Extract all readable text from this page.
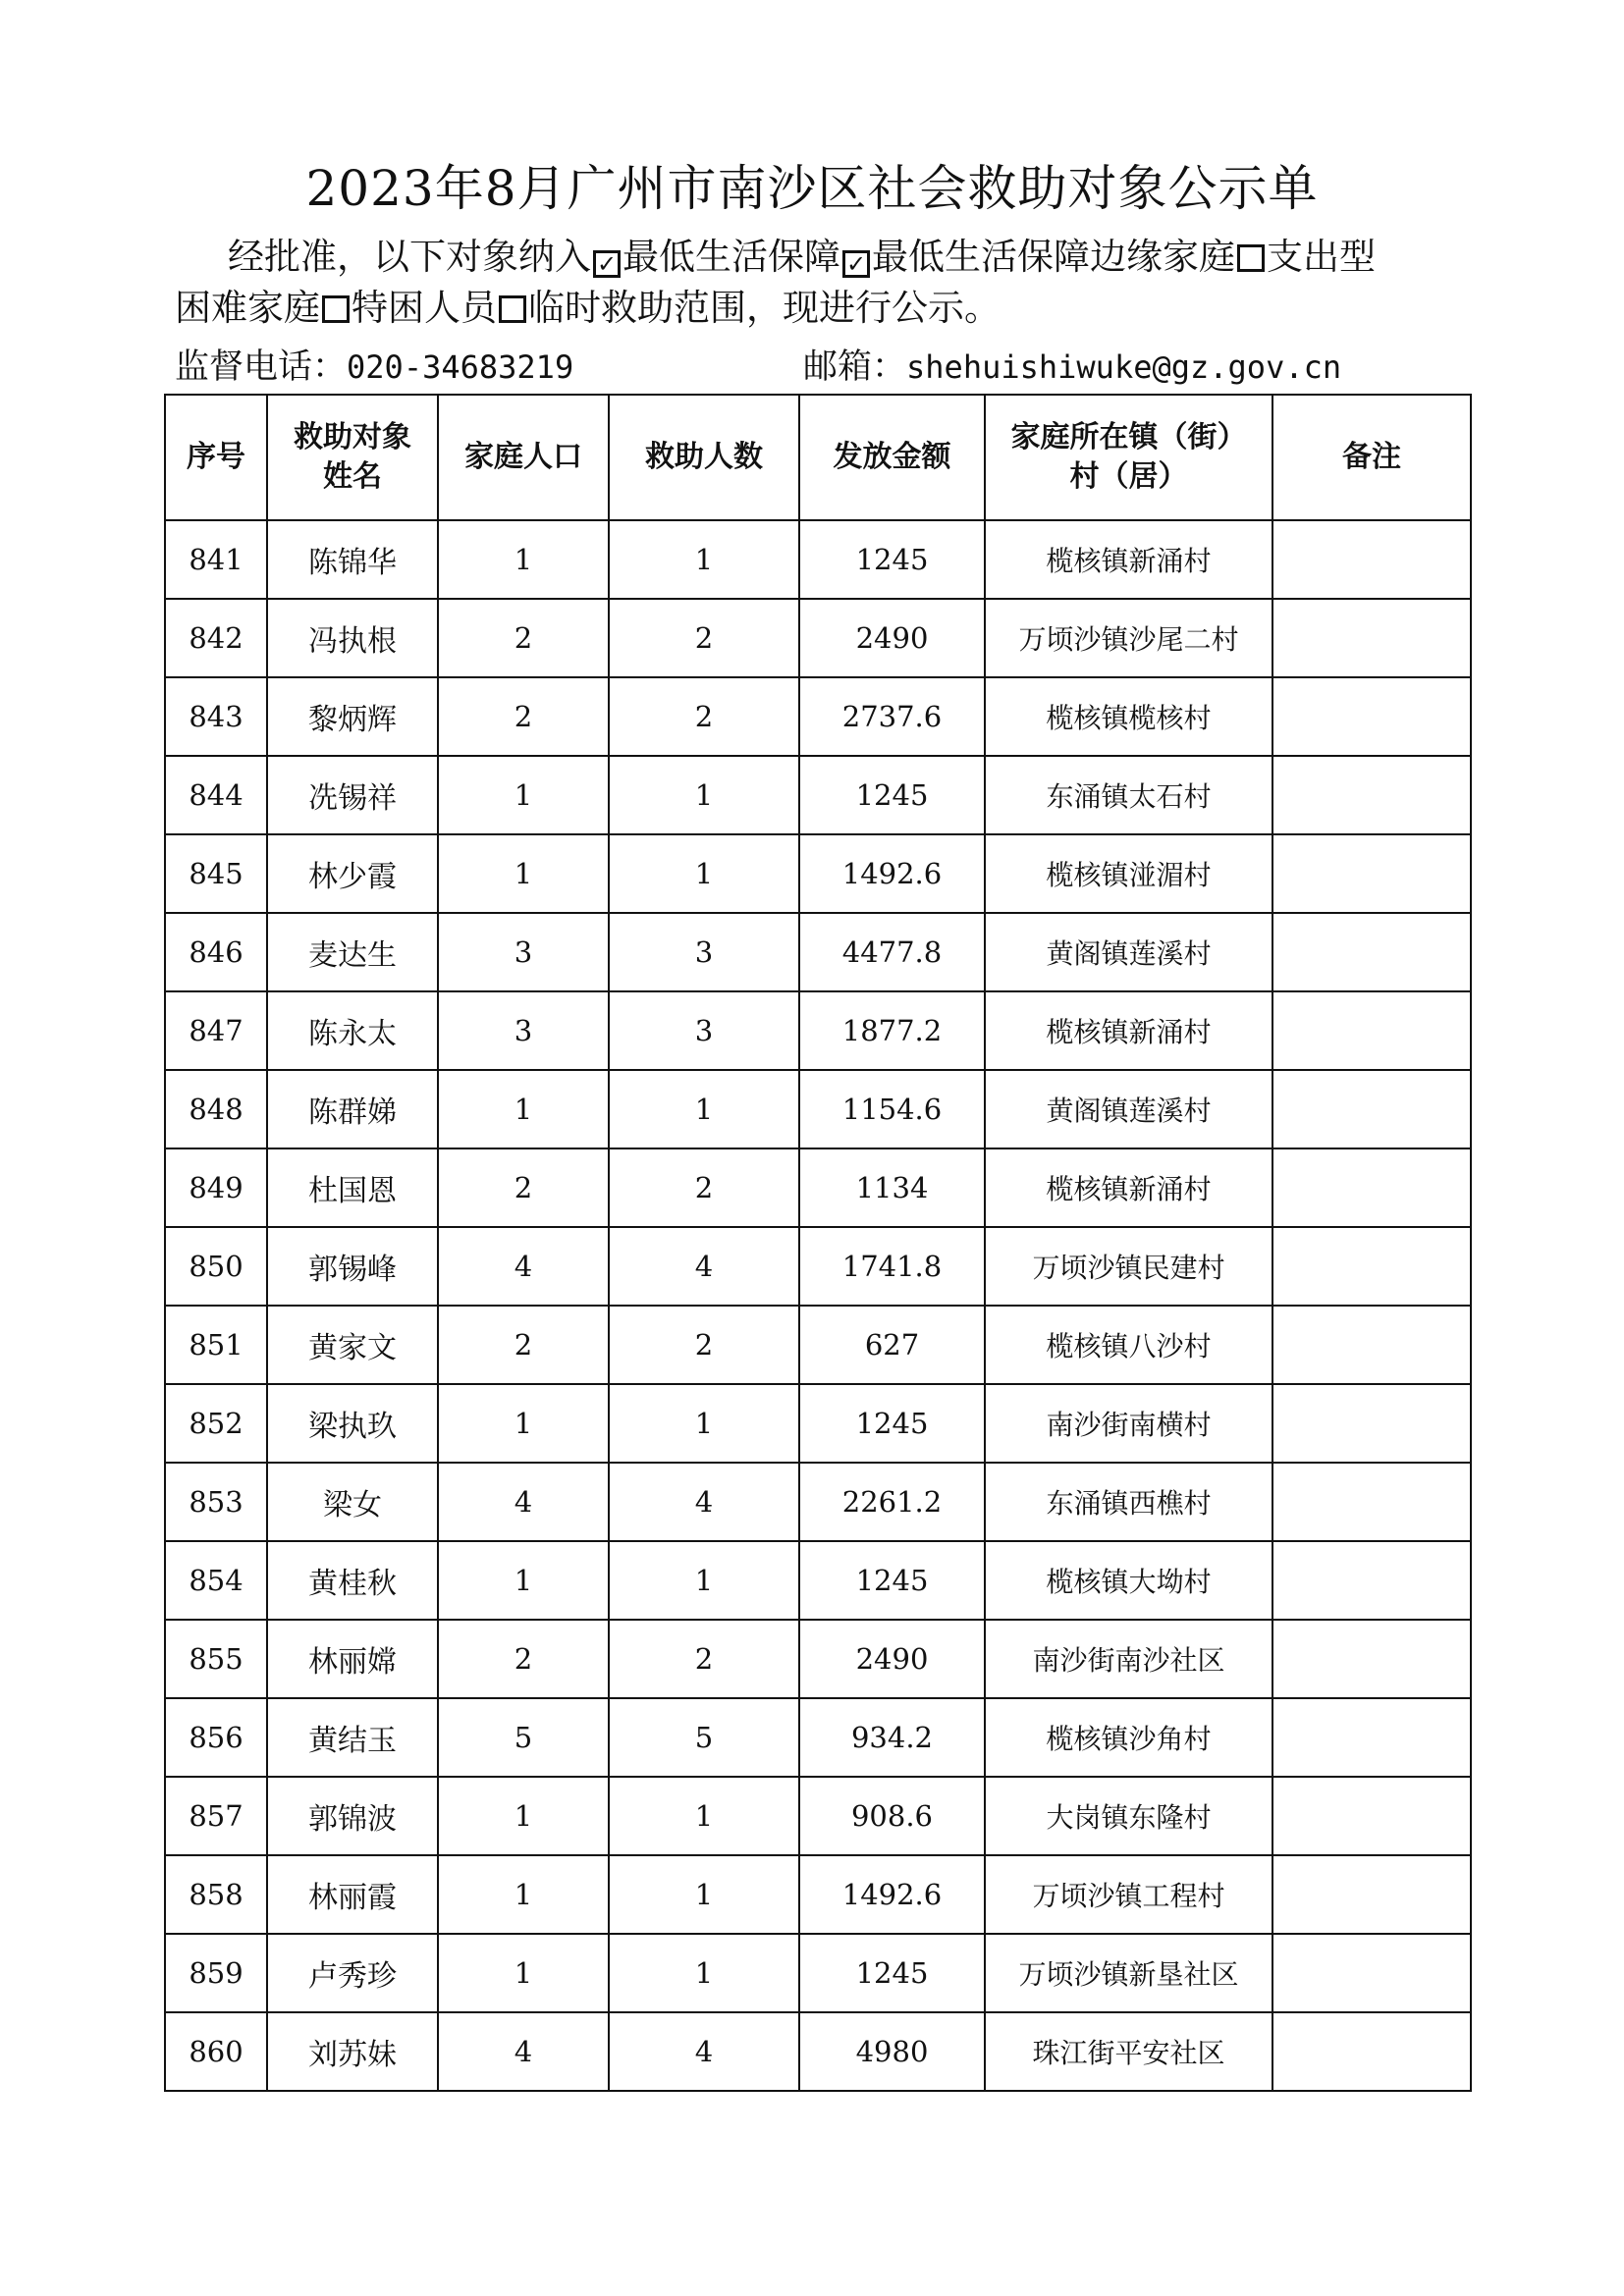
2023年8月广州市南沙区社会救助对象公示单
经批准，以下对象纳入 ✓ 最低生活保障 ✓ 最低生活保障边缘家庭 支出型
困难家庭 特困人员 临时救助范围，现进行公示。
监督电话：020-34683219	邮箱：shehuishiwuke@gz.gov.cn
序号	救助对象姓名	家庭人口	救助人数	发放金额	家庭所在镇（街）村（居）	备注
841	陈锦华	1	1	1245	榄核镇新涌村	
842	冯执根	2	2	2490	万顷沙镇沙尾二村	
843	黎炳辉	2	2	2737.6	榄核镇榄核村	
844	冼锡祥	1	1	1245	东涌镇太石村	
845	林少霞	1	1	1492.6	榄核镇湴湄村	
846	麦达生	3	3	4477.8	黄阁镇莲溪村	
847	陈永太	3	3	1877.2	榄核镇新涌村	
848	陈群娣	1	1	1154.6	黄阁镇莲溪村	
849	杜国恩	2	2	1134	榄核镇新涌村	
850	郭锡峰	4	4	1741.8	万顷沙镇民建村	
851	黄家文	2	2	627	榄核镇八沙村	
852	梁执玖	1	1	1245	南沙街南横村	
853	梁女	4	4	2261.2	东涌镇西樵村	
854	黄桂秋	1	1	1245	榄核镇大坳村	
855	林丽嫦	2	2	2490	南沙街南沙社区	
856	黄结玉	5	5	934.2	榄核镇沙角村	
857	郭锦波	1	1	908.6	大岗镇东隆村	
858	林丽霞	1	1	1492.6	万顷沙镇工程村	
859	卢秀珍	1	1	1245	万顷沙镇新垦社区	
860	刘苏妹	4	4	4980	珠江街平安社区	
